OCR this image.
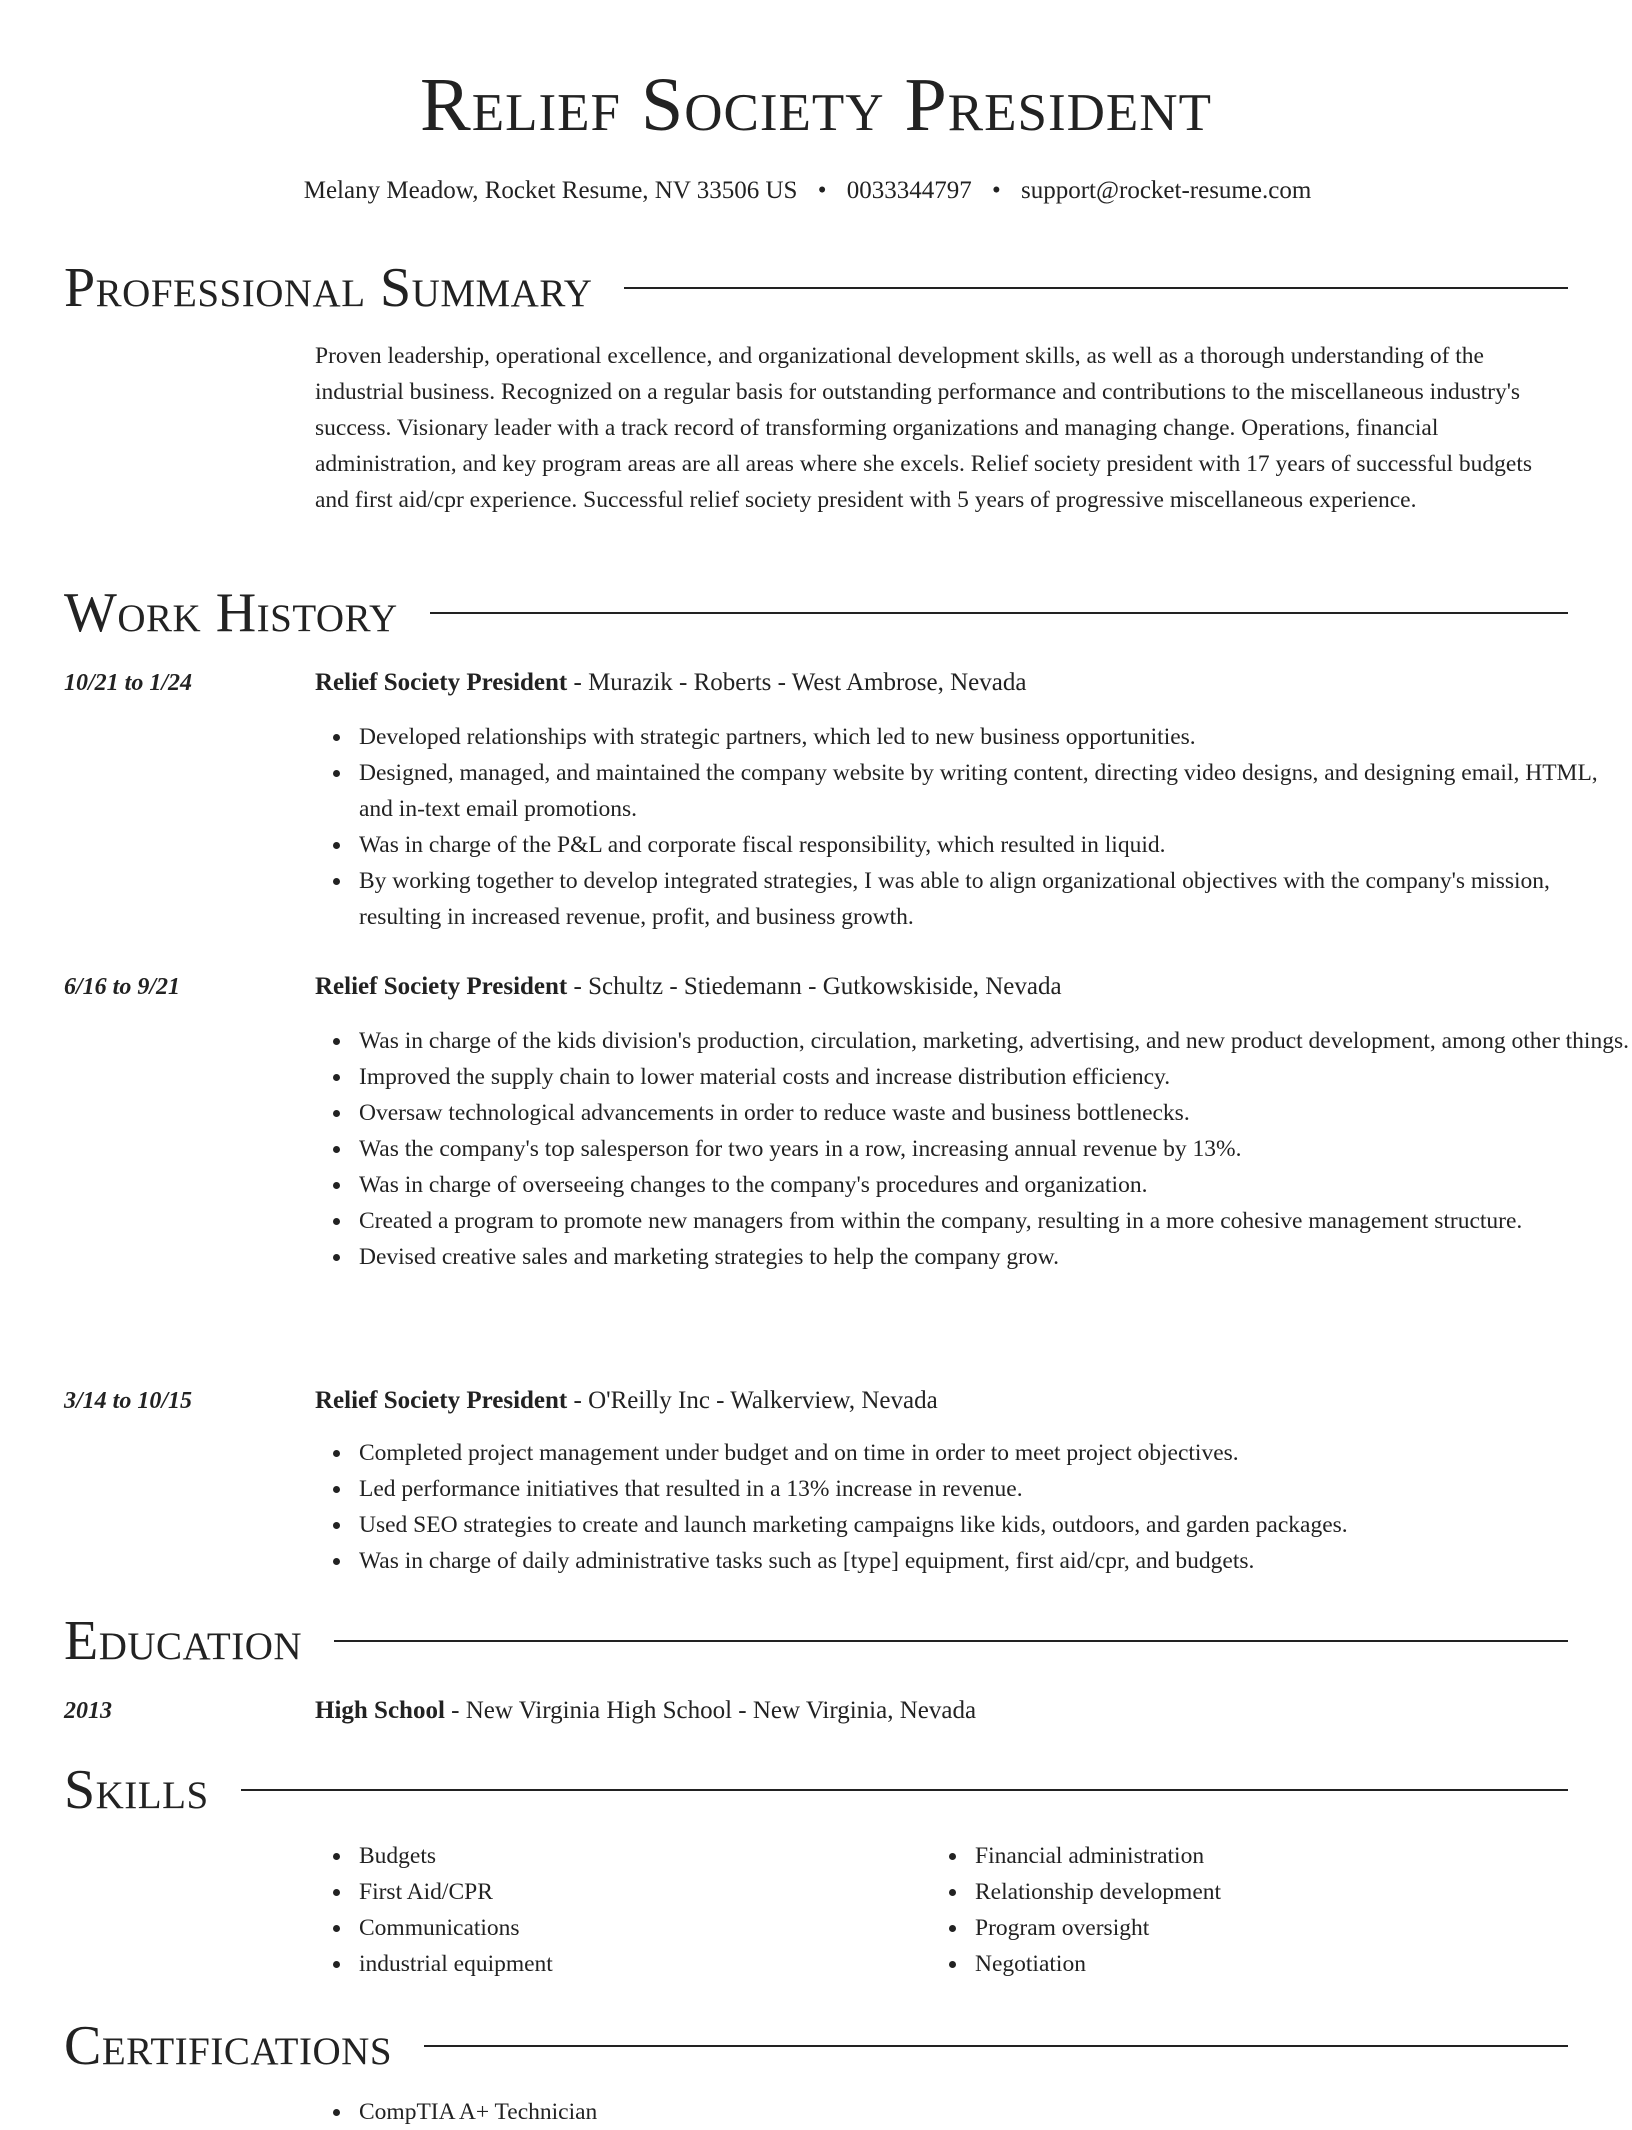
Relief Society President
Melany Meadow, Rocket Resume, NV 33506 US • 0033344797 • support@rocket-resume.com
Professional Summary
Proven leadership, operational excellence, and organizational development skills, as well as a thorough understanding of the industrial business. Recognized on a regular basis for outstanding performance and contributions to the miscellaneous industry's success. Visionary leader with a track record of transforming organizations and managing change. Operations, financial administration, and key program areas are all areas where she excels. Relief society president with 17 years of successful budgets and first aid/cpr experience. Successful relief society president with 5 years of progressive miscellaneous experience.
Work History
10/21 to 1/24	Relief Society President - Murazik - Roberts - West Ambrose, Nevada
Developed relationships with strategic partners, which led to new business opportunities.
Designed, managed, and maintained the company website by writing content, directing video designs, and designing email, HTML, and in-text email promotions.
Was in charge of the P&L and corporate fiscal responsibility, which resulted in liquid.
By working together to develop integrated strategies, I was able to align organizational objectives with the company's mission, resulting in increased revenue, profit, and business growth.
6/16 to 9/21	Relief Society President - Schultz - Stiedemann - Gutkowskiside, Nevada
Was in charge of the kids division's production, circulation, marketing, advertising, and new product development, among other things.
Improved the supply chain to lower material costs and increase distribution efficiency.
Oversaw technological advancements in order to reduce waste and business bottlenecks.
Was the company's top salesperson for two years in a row, increasing annual revenue by 13%.
Was in charge of overseeing changes to the company's procedures and organization.
Created a program to promote new managers from within the company, resulting in a more cohesive management structure.
Devised creative sales and marketing strategies to help the company grow.
3/14 to 10/15	Relief Society President - O'Reilly Inc - Walkerview, Nevada
Completed project management under budget and on time in order to meet project objectives.
Led performance initiatives that resulted in a 13% increase in revenue.
Used SEO strategies to create and launch marketing campaigns like kids, outdoors, and garden packages.
Was in charge of daily administrative tasks such as [type] equipment, first aid/cpr, and budgets.
Education
2013	High School - New Virginia High School - New Virginia, Nevada
Skills
Budgets
First Aid/CPR
Communications
industrial equipment
Financial administration
Relationship development
Program oversight
Negotiation
Certifications
CompTIA A+ Technician
